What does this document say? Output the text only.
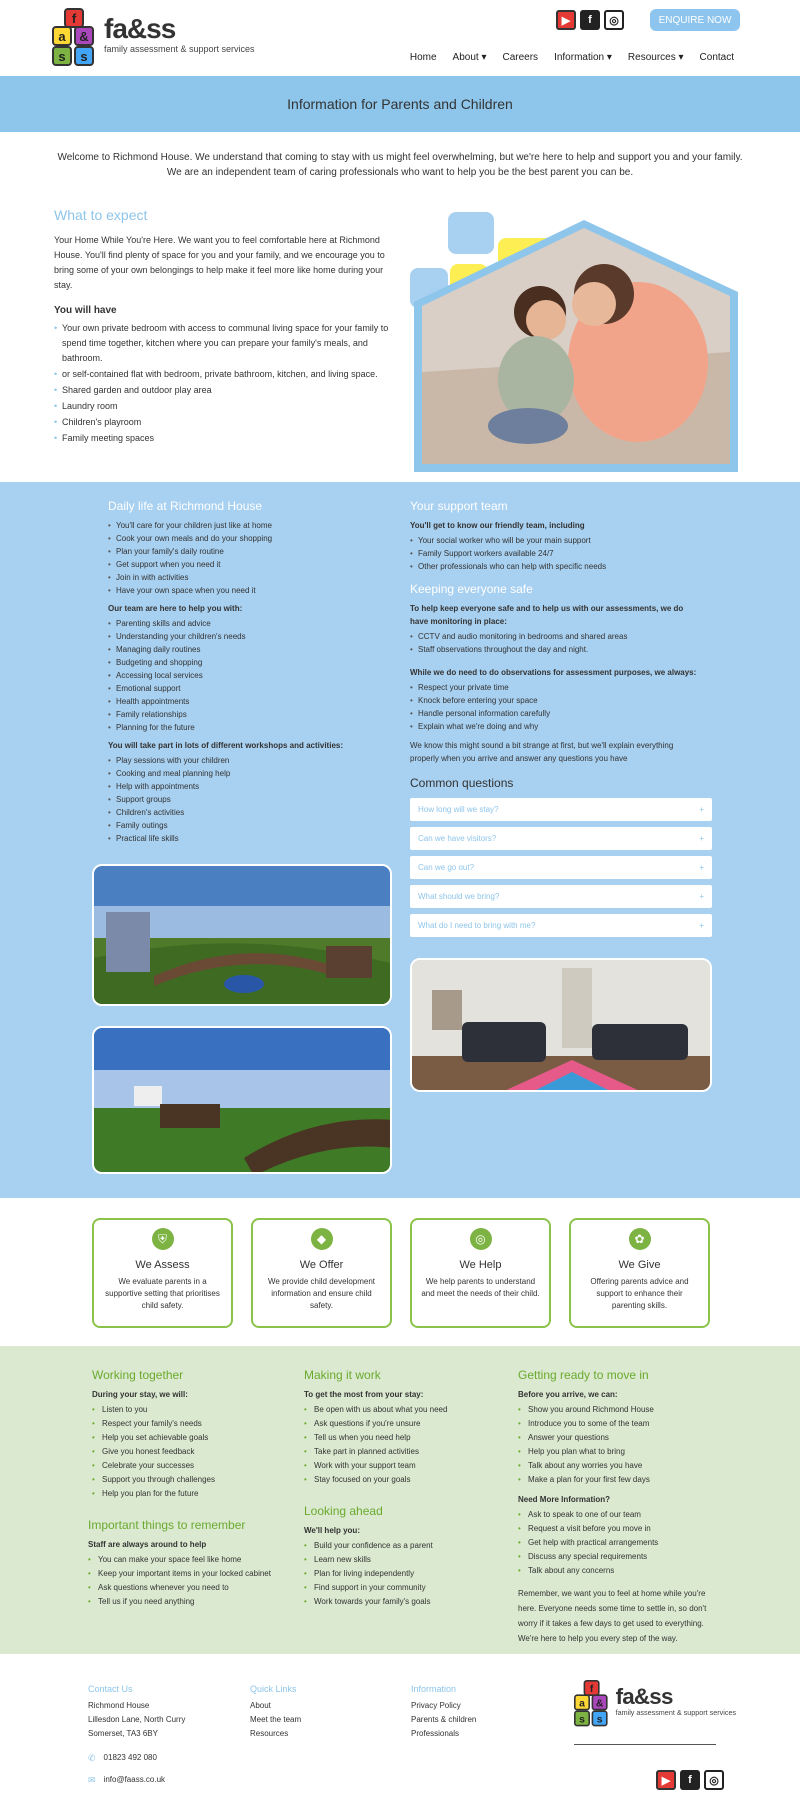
f
a	&
s	s
fa&ss
family assessment & support services
▶	f	◎	ENQUIRE NOW
Home About ▾ Careers Information ▾ Resources ▾ Contact
Information for Parents and Children

Welcome to Richmond House. We understand that coming to stay with us might feel overwhelming, but we're here to help and support you and your family. We are an independent team of caring professionals who want to help you be the best parent you can be.

What to expect

Your Home While You're Here. We want you to feel comfortable here at Richmond House. You'll find plenty of space for you and your family, and we encourage you to bring some of your own belongings to help make it feel more like home during your stay.

You will have
• Your own private bedroom with access to communal living space for your family to spend time together, kitchen where you can prepare your family's meals, and bathroom.
• or self-contained flat with bedroom, private bathroom, kitchen, and living space.
• Shared garden and outdoor play area
• Laundry room
• Children's playroom
• Family meeting spaces
Daily life at Richmond House
• You'll care for your children just like at home
• Cook your own meals and do your shopping
• Plan your family's daily routine
• Get support when you need it
• Join in with activities
• Have your own space when you need it
Our team are here to help you with:
• Parenting skills and advice
• Understanding your children's needs
• Managing daily routines
• Budgeting and shopping
• Accessing local services
• Emotional support
• Health appointments
• Family relationships
• Planning for the future
You will take part in lots of different workshops and activities:
• Play sessions with your children
• Cooking and meal planning help
• Help with appointments
• Support groups
• Children's activities
• Family outings
• Practical life skills
Your support team
You'll get to know our friendly team, including
• Your social worker who will be your main support
• Family Support workers available 24/7
• Other professionals who can help with specific needs
Keeping everyone safe
To help keep everyone safe and to help us with our assessments, we do have monitoring in place:
• CCTV and audio monitoring in bedrooms and shared areas
• Staff observations throughout the day and night.
While we do need to do observations for assessment purposes, we always:
• Respect your private time
• Knock before entering your space
• Handle personal information carefully
• Explain what we're doing and why

We know this might sound a bit strange at first, but we'll explain everything properly when you arrive and answer any questions you have

Common questions
How long will we stay?	+
Can we have visitors?	+
Can we go out?	+
What should we bring?	+
What do I need to bring with me?	+
⛨
We Assess

We evaluate parents in a supportive setting that prioritises child safety.

◆
We Offer

We provide child development information and ensure child safety.

◎
We Help

We help parents to understand and meet the needs of their child.

✿
We Give

Offering parents advice and support to enhance their parenting skills.

Working together
During your stay, we will:
• Listen to you
• Respect your family's needs
• Help you set achievable goals
• Give you honest feedback
• Celebrate your successes
• Support you through challenges
• Help you plan for the future
Important things to remember
Staff are always around to help
• You can make your space feel like home
• Keep your important items in your locked cabinet
• Ask questions whenever you need to
• Tell us if you need anything
Making it work
To get the most from your stay:
• Be open with us about what you need
• Ask questions if you're unsure
• Tell us when you need help
• Take part in planned activities
• Work with your support team
• Stay focused on your goals
Looking ahead
We'll help you:
• Build your confidence as a parent
• Learn new skills
• Plan for living independently
• Find support in your community
• Work towards your family's goals
Getting ready to move in
Before you arrive, we can:
• Show you around Richmond House
• Introduce you to some of the team
• Answer your questions
• Help you plan what to bring
• Talk about any worries you have
• Make a plan for your first few days
Need More Information?
• Ask to speak to one of our team
• Request a visit before you move in
• Get help with practical arrangements
• Discuss any special requirements
• Talk about any concerns

Remember, we want you to feel at home while you're here. Everyone needs some time to settle in, so don't worry if it takes a few days to get used to everything. We're here to help you every step of the way.

Contact Us
Richmond House
Lillesdon Lane, North Curry
Somerset, TA3 6BY
✆ 01823 492 080
✉ info@faass.co.uk
Quick Links
About
Meet the team
Resources
Information
Privacy Policy
Parents & children
Professionals
f
a &
s s
fa&ss
family assessment & support services
▶	f	◎
